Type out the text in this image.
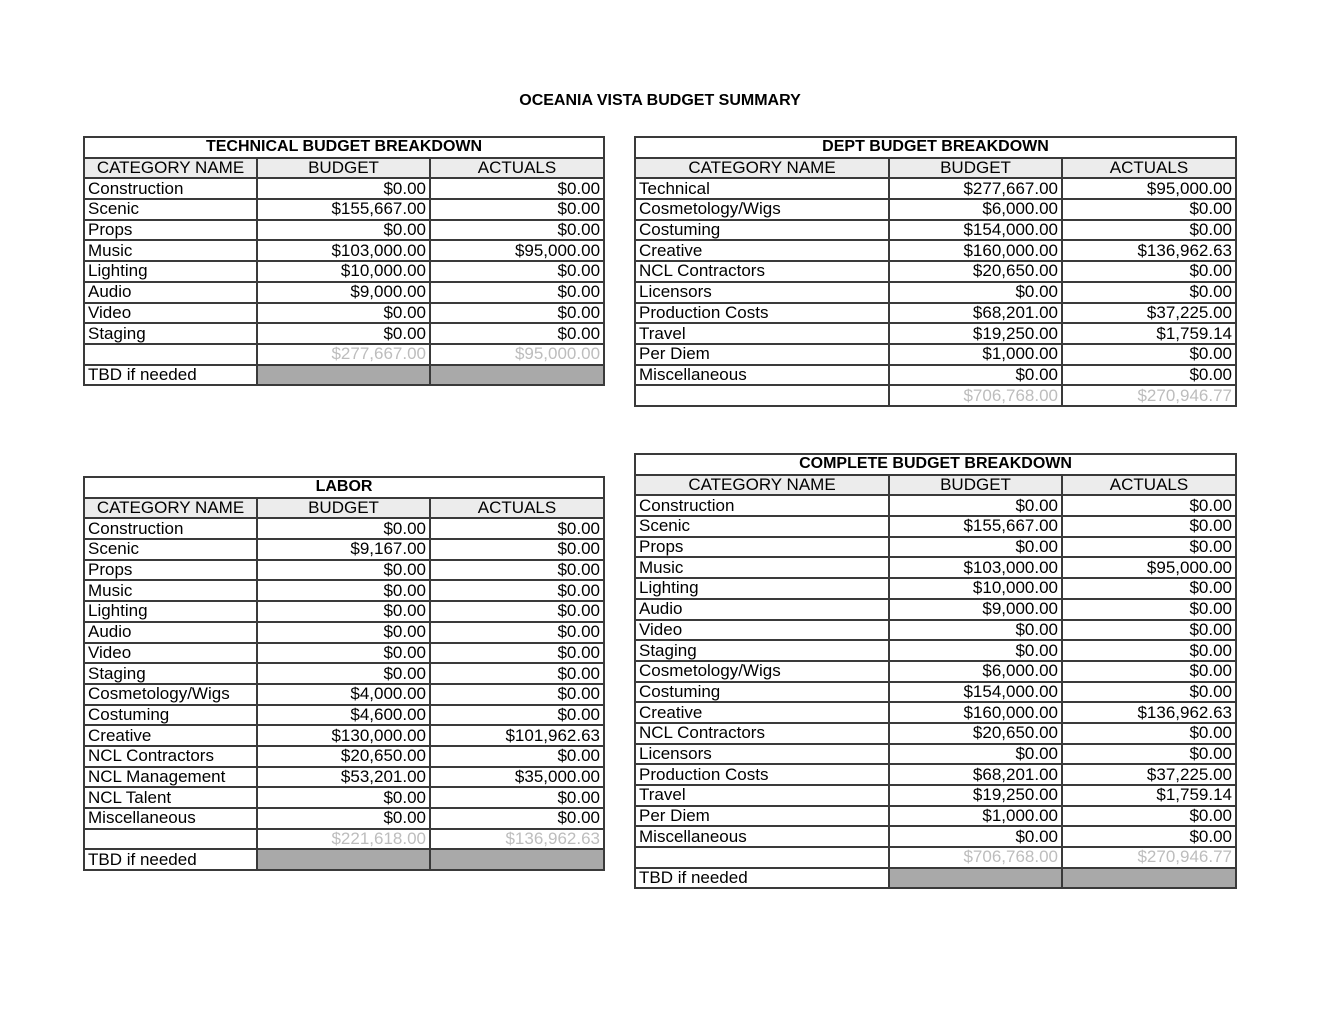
OCEANIA VISTA BUDGET SUMMARY
TECHNICAL BUDGET BREAKDOWN		
CATEGORY NAME	BUDGET	ACTUALS
Construction	$0.00	$0.00
Scenic	$155,667.00	$0.00
Props	$0.00	$0.00
Music	$103,000.00	$95,000.00
Lighting	$10,000.00	$0.00
Audio	$9,000.00	$0.00
Video	$0.00	$0.00
Staging	$0.00	$0.00
	$277,667.00	$95,000.00
TBD if needed		
DEPT BUDGET BREAKDOWN		
CATEGORY NAME	BUDGET	ACTUALS
Technical	$277,667.00	$95,000.00
Cosmetology/Wigs	$6,000.00	$0.00
Costuming	$154,000.00	$0.00
Creative	$160,000.00	$136,962.63
NCL Contractors	$20,650.00	$0.00
Licensors	$0.00	$0.00
Production Costs	$68,201.00	$37,225.00
Travel	$19,250.00	$1,759.14
Per Diem	$1,000.00	$0.00
Miscellaneous	$0.00	$0.00
	$706,768.00	$270,946.77
LABOR		
CATEGORY NAME	BUDGET	ACTUALS
Construction	$0.00	$0.00
Scenic	$9,167.00	$0.00
Props	$0.00	$0.00
Music	$0.00	$0.00
Lighting	$0.00	$0.00
Audio	$0.00	$0.00
Video	$0.00	$0.00
Staging	$0.00	$0.00
Cosmetology/Wigs	$4,000.00	$0.00
Costuming	$4,600.00	$0.00
Creative	$130,000.00	$101,962.63
NCL Contractors	$20,650.00	$0.00
NCL Management	$53,201.00	$35,000.00
NCL Talent	$0.00	$0.00
Miscellaneous	$0.00	$0.00
	$221,618.00	$136,962.63
TBD if needed		
COMPLETE BUDGET BREAKDOWN		
CATEGORY NAME	BUDGET	ACTUALS
Construction	$0.00	$0.00
Scenic	$155,667.00	$0.00
Props	$0.00	$0.00
Music	$103,000.00	$95,000.00
Lighting	$10,000.00	$0.00
Audio	$9,000.00	$0.00
Video	$0.00	$0.00
Staging	$0.00	$0.00
Cosmetology/Wigs	$6,000.00	$0.00
Costuming	$154,000.00	$0.00
Creative	$160,000.00	$136,962.63
NCL Contractors	$20,650.00	$0.00
Licensors	$0.00	$0.00
Production Costs	$68,201.00	$37,225.00
Travel	$19,250.00	$1,759.14
Per Diem	$1,000.00	$0.00
Miscellaneous	$0.00	$0.00
	$706,768.00	$270,946.77
TBD if needed		
